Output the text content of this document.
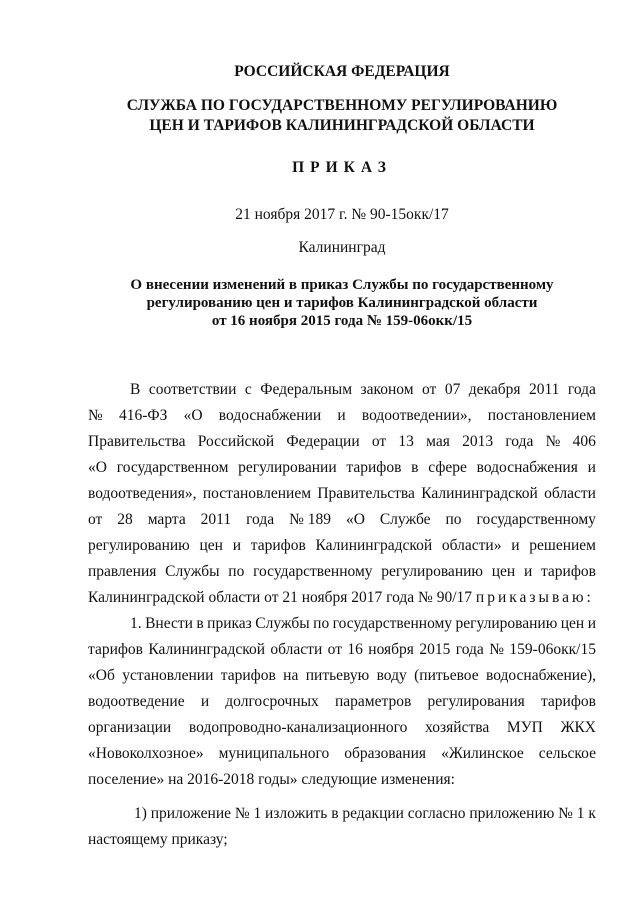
РОССИЙСКАЯ ФЕДЕРАЦИЯ
СЛУЖБА ПО ГОСУДАРСТВЕННОМУ РЕГУЛИРОВАНИЮ
ЦЕН И ТАРИФОВ КАЛИНИНГРАДСКОЙ ОБЛАСТИ
ПРИКАЗ
21 ноября 2017 г. № 90-15окк/17
Калининград
О внесении изменений в приказ Службы по государственному
регулированию цен и тарифов Калининградской области
от 16 ноября 2015 года № 159-06окк/15
В соответствии с Федеральным законом от 07 декабря 2011 года
№ 416-ФЗ «О водоснабжении и водоотведении», постановлением
Правительства Российской Федерации от 13 мая 2013 года № 406
«О государственном регулировании тарифов в сфере водоснабжения и
водоотведения», постановлением Правительства Калининградской области
от 28 марта 2011 года № 189 «О Службе по государственному
регулированию цен и тарифов Калининградской области» и решением
правления Службы по государственному регулированию цен и тарифов
Калининградской области от 21 ноября 2017 года № 90/17 приказываю:
1. Внести в приказ Службы по государственному регулированию цен и
тарифов Калининградской области от 16 ноября 2015 года № 159-06окк/15
«Об установлении тарифов на питьевую воду (питьевое водоснабжение),
водоотведение и долгосрочных параметров регулирования тарифов
организации водопроводно-канализационного хозяйства МУП ЖКХ
«Новоколхозное» муниципального образования «Жилинское сельское
поселение» на 2016-2018 годы» следующие изменения:
1) приложение № 1 изложить в редакции согласно приложению № 1 к
настоящему приказу;
